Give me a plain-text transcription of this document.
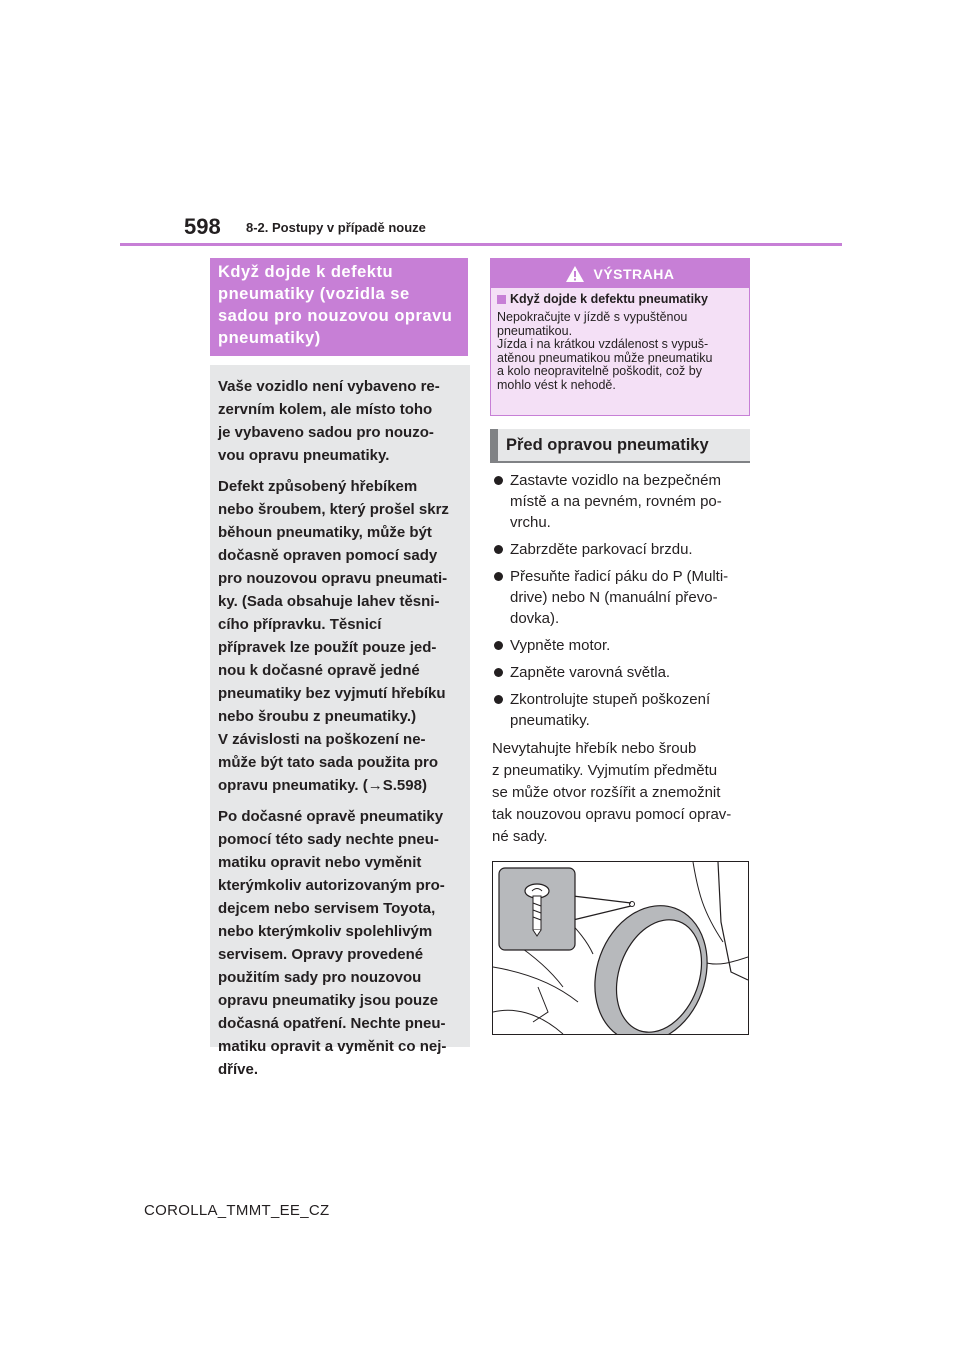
598 8-2. Postupy v případě nouze
Když dojde k defektu pneumatiky (vozidla se sadou pro nouzovou opravu pneumatiky)

Vaše vozidlo není vybaveno re-
zervním kolem, ale místo toho
je vybaveno sadou pro nouzo-
vou opravu pneumatiky.

Defekt způsobený hřebíkem
nebo šroubem, který prošel skrz
běhoun pneumatiky, může být
dočasně opraven pomocí sady
pro nouzovou opravu pneumati-
ky. (Sada obsahuje lahev těsni-
cího přípravku. Těsnicí
přípravek lze použít pouze jed-
nou k dočasné opravě jedné
pneumatiky bez vyjmutí hřebíku
nebo šroubu z pneumatiky.)
V závislosti na poškození ne-
může být tato sada použita pro
opravu pneumatiky. (→S.598)

Po dočasné opravě pneumatiky
pomocí této sady nechte pneu-
matiku opravit nebo vyměnit
kterýmkoliv autorizovaným pro-
dejcem nebo servisem Toyota,
nebo kterýmkoliv spolehlivým
servisem. Opravy provedené
použitím sady pro nouzovou
opravu pneumatiky jsou pouze
dočasná opatření. Nechte pneu-
matiku opravit a vyměnit co nej-
dříve.

VÝSTRAHA
Když dojde k defektu pneumatiky
Nepokračujte v jízdě s vypuštěnou
pneumatikou.
Jízda i na krátkou vzdálenost s vypuš-
atěnou pneumatikou může pneumatiku
a kolo neopravitelně poškodit, což by
mohlo vést k nehodě.
Před opravou pneumatiky
Zastavte vozidlo na bezpečném místě a na pevném, rovném po-vrchu.
Zabrzděte parkovací brzdu.
Přesuňte řadicí páku do P (Multi-drive) nebo N (manuální převo-dovka).
Vypněte motor.
Zapněte varovná světla.
Zkontrolujte stupeň poškození pneumatiky.

Nevytahujte hřebík nebo šroub
z pneumatiky. Vyjmutím předmětu
se může otvor rozšířit a znemožnit
tak nouzovou opravu pomocí oprav-
né sady.

COROLLA_TMMT_EE_CZ
